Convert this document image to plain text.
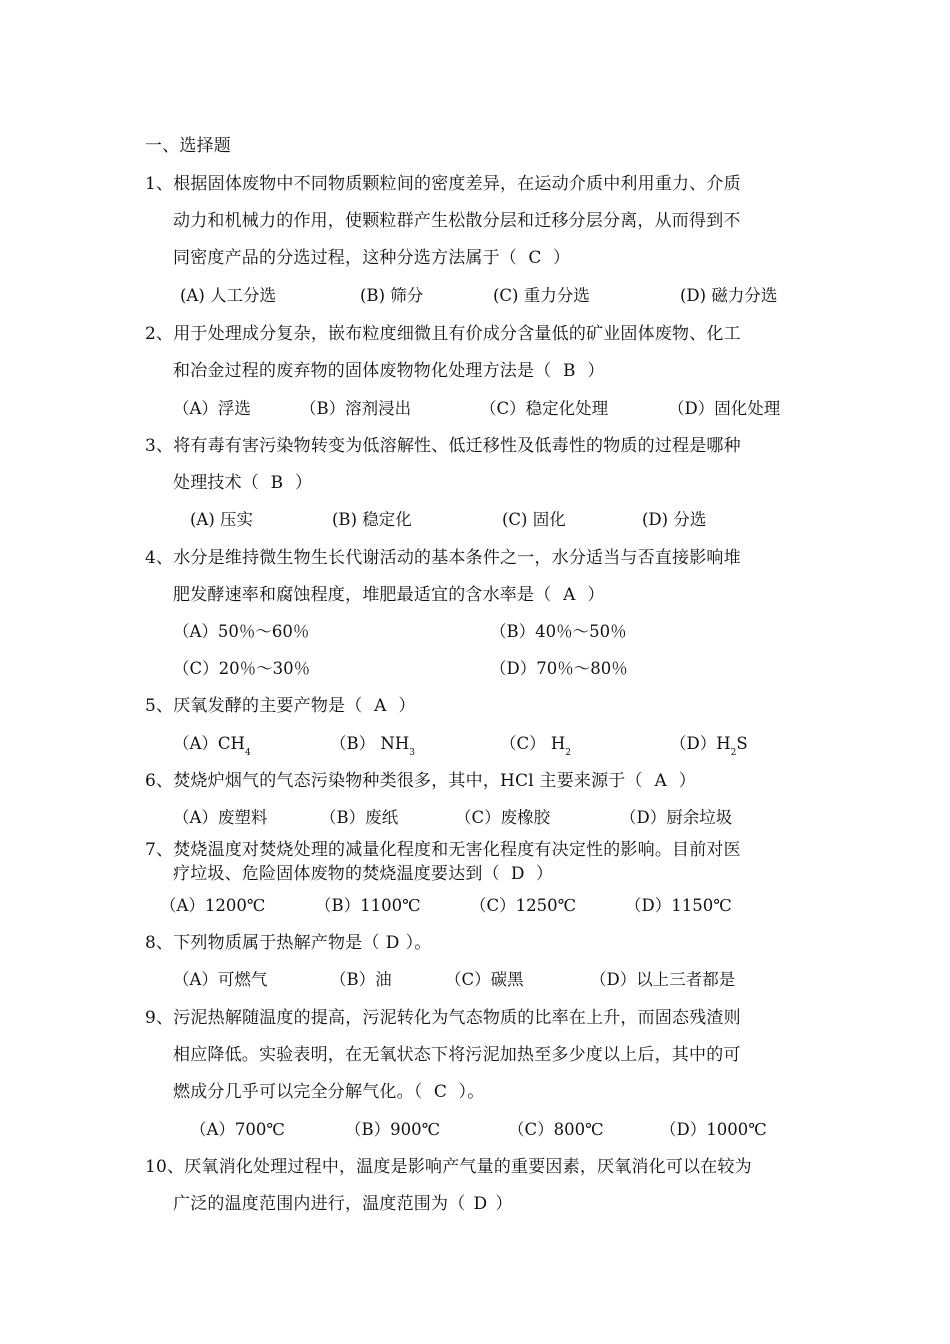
一、选择题
1、根据固体废物中不同物质颗粒间的密度差异，在运动介质中利用重力、介质
动力和机械力的作用，使颗粒群产生松散分层和迁移分层分离，从而得到不
同密度产品的分选过程，这种分选方法属于（ C ）
(A) 人工分选	(B) 筛分	(C) 重力分选	(D) 磁力分选
2、用于处理成分复杂，嵌布粒度细微且有价成分含量低的矿业固体废物、化工
和冶金过程的废弃物的固体废物物化处理方法是（ B ）
（A）浮选	（B）溶剂浸出	（C）稳定化处理	（D）固化处理
3、将有毒有害污染物转变为低溶解性、低迁移性及低毒性的物质的过程是哪种
处理技术（ B ）
(A) 压实	(B) 稳定化	(C) 固化	(D) 分选
4、水分是维持微生物生长代谢活动的基本条件之一，水分适当与否直接影响堆
肥发酵速率和腐蚀程度，堆肥最适宜的含水率是（ A ）
（A）50％～60％	（B）40％～50％
（C）20％～30％	（D）70％～80％
5、厌氧发酵的主要产物是（ A ）
$(A)CH_4$	（B） $NH_3$	（C） $H_2$	$(D)H_2S$
6、焚烧炉烟气的气态污染物种类很多，其中，HCl 主要来源于（ A ）
（A）废塑料	（B）废纸	（C）废橡胶	（D）厨余垃圾
7、焚烧温度对焚烧处理的减量化程度和无害化程度有决定性的影响。目前对医
疗垃圾、危险固体废物的焚烧温度要达到（ D ）
（A）1200℃	（B）1100℃	（C）1250℃	（D）1150℃
8、下列物质属于热解产物是（ D ）。
（A）可燃气	（B）油	（C）碳黑	（D）以上三者都是
9、污泥热解随温度的提高，污泥转化为气态物质的比率在上升，而固态残渣则
相应降低。实验表明，在无氧状态下将污泥加热至多少度以上后，其中的可
燃成分几乎可以完全分解气化。（ C ）。
（A）700℃	（B）900℃	（C）800℃	（D）1000℃
10、厌氧消化处理过程中，温度是影响产气量的重要因素，厌氧消化可以在较为
广泛的温度范围内进行，温度范围为（ D ）
